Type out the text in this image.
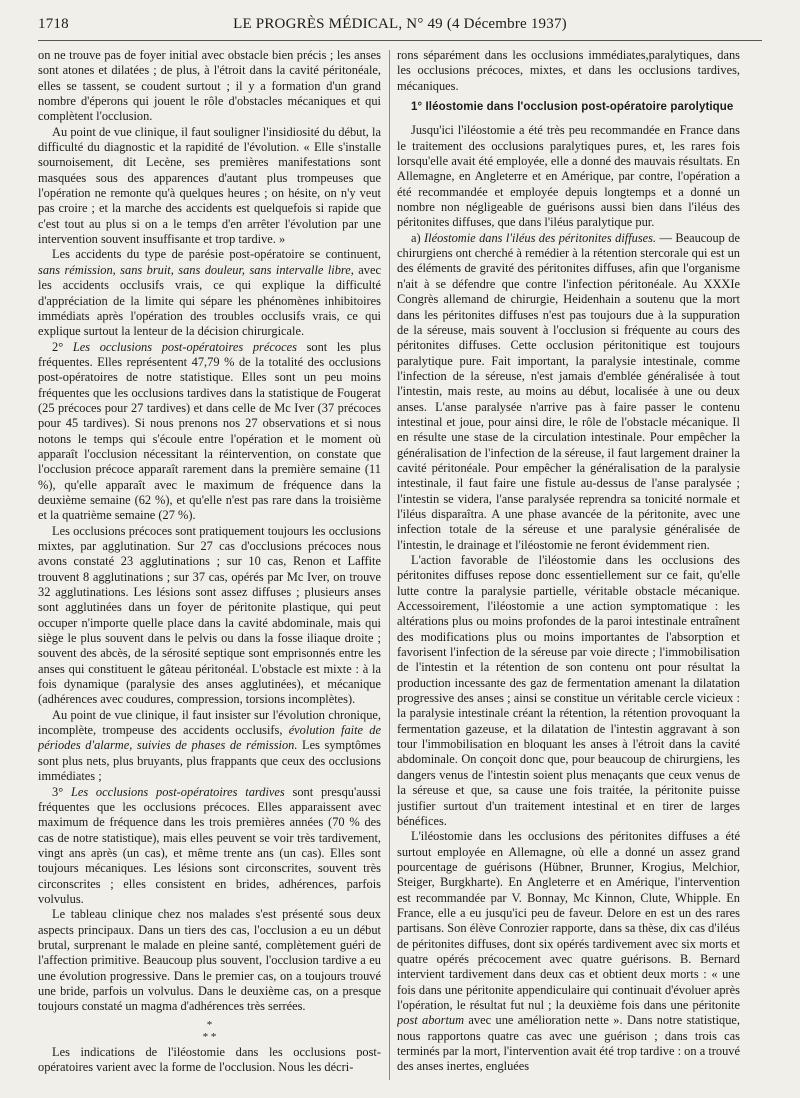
1718	LE PROGRÈS MÉDICAL, N° 49 (4 Décembre 1937)

on ne trouve pas de foyer initial avec obstacle bien précis ; les anses sont atones et dilatées ; de plus, à l'étroit dans la cavité péritonéale, elles se tassent, se coudent surtout ; il y a formation d'un grand nombre d'éperons qui jouent le rôle d'obstacles mécaniques et qui complètent l'occlusion.

Au point de vue clinique, il faut souligner l'insidiosité du début, la difficulté du diagnostic et la rapidité de l'évolution. « Elle s'installe sournoisement, dit Lecène, ses premières manifestations sont masquées sous des apparences d'autant plus trompeuses que l'opération ne remonte qu'à quelques heures ; on hésite, on n'y veut pas croire ; et la marche des accidents est quelquefois si rapide que c'est tout au plus si on a le temps d'en arrêter l'évolution par une intervention souvent insuffisante et trop tardive. »

Les accidents du type de parésie post-opératoire se continuent, sans rémission, sans bruit, sans douleur, sans intervalle libre, avec les accidents occlusifs vrais, ce qui explique la difficulté d'appréciation de la limite qui sépare les phénomènes inhibitoires immédiats après l'opération des troubles occlusifs vrais, ce qui explique surtout la lenteur de la décision chirurgicale.

2° Les occlusions post-opératoires précoces sont les plus fréquentes. Elles représentent 47,79 % de la totalité des occlusions post-opératoires de notre statistique. Elles sont un peu moins fréquentes que les occlusions tardives dans la statistique de Fougerat (25 précoces pour 27 tardives) et dans celle de Mc Iver (37 précoces pour 45 tardives). Si nous prenons nos 27 observations et si nous notons le temps qui s'écoule entre l'opération et le moment où apparaît l'occlusion nécessitant la réintervention, on constate que l'occlusion précoce apparaît rarement dans la première semaine (11 %), qu'elle apparaît avec le maximum de fréquence dans la deuxième semaine (62 %), et qu'elle n'est pas rare dans la troisième et la quatrième semaine (27 %).

Les occlusions précoces sont pratiquement toujours les occlusions mixtes, par agglutination. Sur 27 cas d'occlusions précoces nous avons constaté 23 agglutinations ; sur 10 cas, Renon et Laffite trouvent 8 agglutinations ; sur 37 cas, opérés par Mc Iver, on trouve 32 agglutinations. Les lésions sont assez diffuses ; plusieurs anses sont agglutinées dans un foyer de péritonite plastique, qui peut occuper n'importe quelle place dans la cavité abdominale, mais qui siège le plus souvent dans le pelvis ou dans la fosse iliaque droite ; souvent des abcès, de la sérosité septique sont emprisonnés entre les anses qui constituent le gâteau péritonéal. L'obstacle est mixte : à la fois dynamique (paralysie des anses agglutinées), et mécanique (adhérences avec coudures, compression, torsions incomplètes).

Au point de vue clinique, il faut insister sur l'évolution chronique, incomplète, trompeuse des accidents occlusifs, évolution faite de périodes d'alarme, suivies de phases de rémission. Les symptômes sont plus nets, plus bruyants, plus frappants que ceux des occlusions immédiates ;

3° Les occlusions post-opératoires tardives sont presqu'aussi fréquentes que les occlusions précoces. Elles apparaissent avec maximum de fréquence dans les trois premières années (70 % des cas de notre statistique), mais elles peuvent se voir très tardivement, vingt ans après (un cas), et même trente ans (un cas). Elles sont toujours mécaniques. Les lésions sont circonscrites, souvent très circonscrites ; elles consistent en brides, adhérences, parfois volvulus.

Le tableau clinique chez nos malades s'est présenté sous deux aspects principaux. Dans un tiers des cas, l'occlusion a eu un début brutal, surprenant le malade en pleine santé, complètement guéri de l'affection primitive. Beaucoup plus souvent, l'occlusion tardive a eu une évolution progressive. Dans le premier cas, on a toujours trouvé une bride, parfois un volvulus. Dans le deuxième cas, on a presque toujours constaté un magma d'adhérences très serrées.

*
* *

Les indications de l'iléostomie dans les occlusions post-opératoires varient avec la forme de l'occlusion. Nous les décri-

rons séparément dans les occlusions immédiates,paralytiques, dans les occlusions précoces, mixtes, et dans les occlusions tardives, mécaniques.

1° Iléostomie dans l'occlusion post-opératoire parolytique

Jusqu'ici l'iléostomie a été très peu recommandée en France dans le traitement des occlusions paralytiques pures, et, les rares fois lorsqu'elle avait été employée, elle a donné des mauvais résultats. En Allemagne, en Angleterre et en Amérique, par contre, l'opération a été recommandée et employée depuis longtemps et a donné un nombre non négligeable de guérisons aussi bien dans l'iléus des péritonites diffuses, que dans l'iléus paralytique pur.

a) Iléostomie dans l'iléus des péritonites diffuses. — Beaucoup de chirurgiens ont cherché à remédier à la rétention stercorale qui est un des éléments de gravité des péritonites diffuses, afin que l'organisme n'ait à se défendre que contre l'infection péritonéale. Au XXXIe Congrès allemand de chirurgie, Heidenhain a soutenu que la mort dans les péritonites diffuses n'est pas toujours due à la suppuration de la séreuse, mais souvent à l'occlusion si fréquente au cours des péritonites diffuses. Cette occlusion péritonitique est toujours paralytique pure. Fait important, la paralysie intestinale, comme l'infection de la séreuse, n'est jamais d'emblée généralisée à tout l'intestin, mais reste, au moins au début, localisée à une ou deux anses. L'anse paralysée n'arrive pas à faire passer le contenu intestinal et joue, pour ainsi dire, le rôle de l'obstacle mécanique. Il en résulte une stase de la circulation intestinale. Pour empêcher la généralisation de l'infection de la séreuse, il faut largement drainer la cavité péritonéale. Pour empêcher la généralisation de la paralysie intestinale, il faut faire une fistule au-dessus de l'anse paralysée ; l'intestin se videra, l'anse paralysée reprendra sa tonicité normale et l'iléus disparaîtra. A une phase avancée de la péritonite, avec une infection totale de la séreuse et une paralysie généralisée de l'intestin, le drainage et l'iléostomie ne feront évidemment rien.

L'action favorable de l'iléostomie dans les occlusions des péritonites diffuses repose donc essentiellement sur ce fait, qu'elle lutte contre la paralysie partielle, véritable obstacle mécanique. Accessoirement, l'iléostomie a une action symptomatique : les altérations plus ou moins profondes de la paroi intestinale entraînent des modifications plus ou moins importantes de l'absorption et favorisent l'infection de la séreuse par voie directe ; l'immobilisation de l'intestin et la rétention de son contenu ont pour résultat la production incessante des gaz de fermentation amenant la dilatation progressive des anses ; ainsi se constitue un véritable cercle vicieux : la paralysie intestinale créant la rétention, la rétention provoquant la fermentation gazeuse, et la dilatation de l'intestin aggravant à son tour l'immobilisation en bloquant les anses à l'étroit dans la cavité abdominale. On conçoit donc que, pour beaucoup de chirurgiens, les dangers venus de l'intestin soient plus menaçants que ceux venus de la séreuse et que, sa cause une fois traitée, la péritonite puisse justifier surtout d'un traitement intestinal et en tirer de larges bénéfices.

L'iléostomie dans les occlusions des péritonites diffuses a été surtout employée en Allemagne, où elle a donné un assez grand pourcentage de guérisons (Hübner, Brunner, Krogius, Melchior, Steiger, Burgkharte). En Angleterre et en Amérique, l'intervention est recommandée par V. Bonnay, Mc Kinnon, Clute, Whipple. En France, elle a eu jusqu'ici peu de faveur. Delore en est un des rares partisans. Son élève Conrozier rapporte, dans sa thèse, dix cas d'iléus de péritonites diffuses, dont six opérés tardivement avec six morts et quatre opérés précocement avec quatre guérisons. B. Bernard intervient tardivement dans deux cas et obtient deux morts : « une fois dans une péritonite appendiculaire qui continuait d'évoluer après l'opération, le résultat fut nul ; la deuxième fois dans une péritonite post abortum avec une amélioration nette ». Dans notre statistique, nous rapportons quatre cas avec une guérison ; dans trois cas terminés par la mort, l'intervention avait été trop tardive : on a trouvé des anses inertes, engluées
